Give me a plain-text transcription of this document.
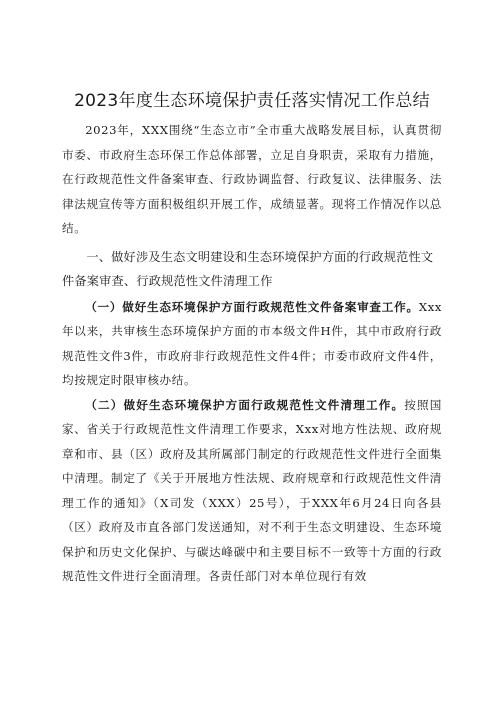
2023年度生态环境保护责任落实情况工作总结

2023年，XXX围绕“生态立市”全市重大战略发展目标，认真贯彻市委、市政府生态环保工作总体部署，立足自身职责，采取有力措施，在行政规范性文件备案审查、行政协调监督、行政复议、法律服务、法律法规宣传等方面积极组织开展工作，成绩显著。现将工作情况作以总结。

一、做好涉及生态文明建设和生态环境保护方面的行政规范性文件备案审查、行政规范性文件清理工作

（一）做好生态环境保护方面行政规范性文件备案审查工作。Xxx年以来，共审核生态环境保护方面的市本级文件H件，其中市政府行政规范性文件3件，市政府非行政规范性文件4件；市委市政府文件4件，均按规定时限审核办结。

（二）做好生态环境保护方面行政规范性文件清理工作。按照国家、省关于行政规范性文件清理工作要求，Xxx对地方性法规、政府规章和市、县（区）政府及其所属部门制定的行政规范性文件进行全面集中清理。制定了《关于开展地方性法规、政府规章和行政规范性文件清理工作的通知》（X司发（XXX）25号），于XXX年6月24日向各县（区）政府及市直各部门发送通知，对不利于生态文明建设、生态环境保护和历史文化保护、与碳达峰碳中和主要目标不一致等十方面的行政规范性文件进行全面清理。各责任部门对本单位现行有效
